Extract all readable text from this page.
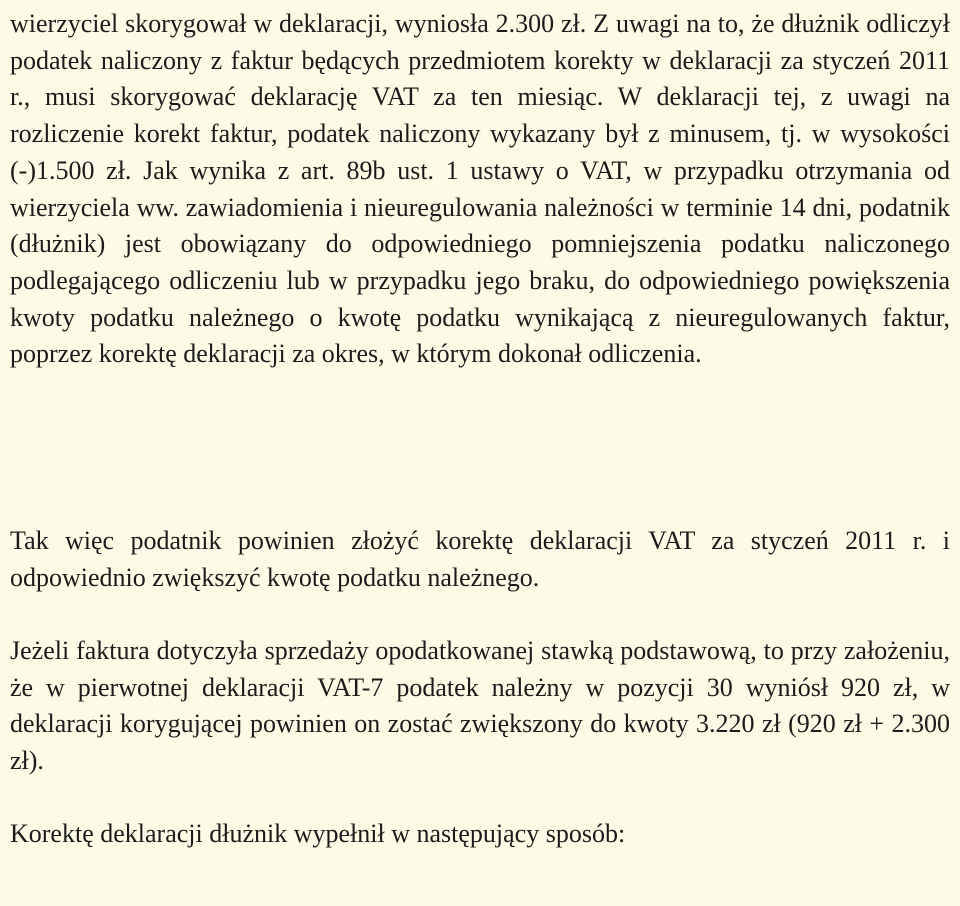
wierzyciel skorygował w deklaracji, wyniosła 2.300 zł. Z uwagi na to, że dłużnik odliczył podatek naliczony z faktur będących przedmiotem korekty w deklaracji za styczeń 2011 r., musi skorygować deklarację VAT za ten miesiąc. W deklaracji tej, z uwagi na rozliczenie korekt faktur, podatek naliczony wykazany był z minusem, tj. w wysokości (-)1.500 zł. Jak wynika z art. 89b ust. 1 ustawy o VAT, w przypadku otrzymania od wierzyciela ww. zawiadomienia i nieuregulowania należności w terminie 14 dni, podatnik (dłużnik) jest obowiązany do odpowiedniego pomniejszenia podatku naliczonego podlegającego odliczeniu lub w przypadku jego braku, do odpowiedniego powiększenia kwoty podatku należnego o kwotę podatku wynikającą z nieuregulowanych faktur, poprzez korektę deklaracji za okres, w którym dokonał odliczenia.

Tak więc podatnik powinien złożyć korektę deklaracji VAT za styczeń 2011 r. i odpowiednio zwiększyć kwotę podatku należnego.

Jeżeli faktura dotyczyła sprzedaży opodatkowanej stawką podstawową, to przy założeniu, że w pierwotnej deklaracji VAT-7 podatek należny w pozycji 30 wyniósł 920 zł, w deklaracji korygującej powinien on zostać zwiększony do kwoty 3.220 zł (920 zł + 2.300 zł).

Korektę deklaracji dłużnik wypełnił w następujący sposób:
